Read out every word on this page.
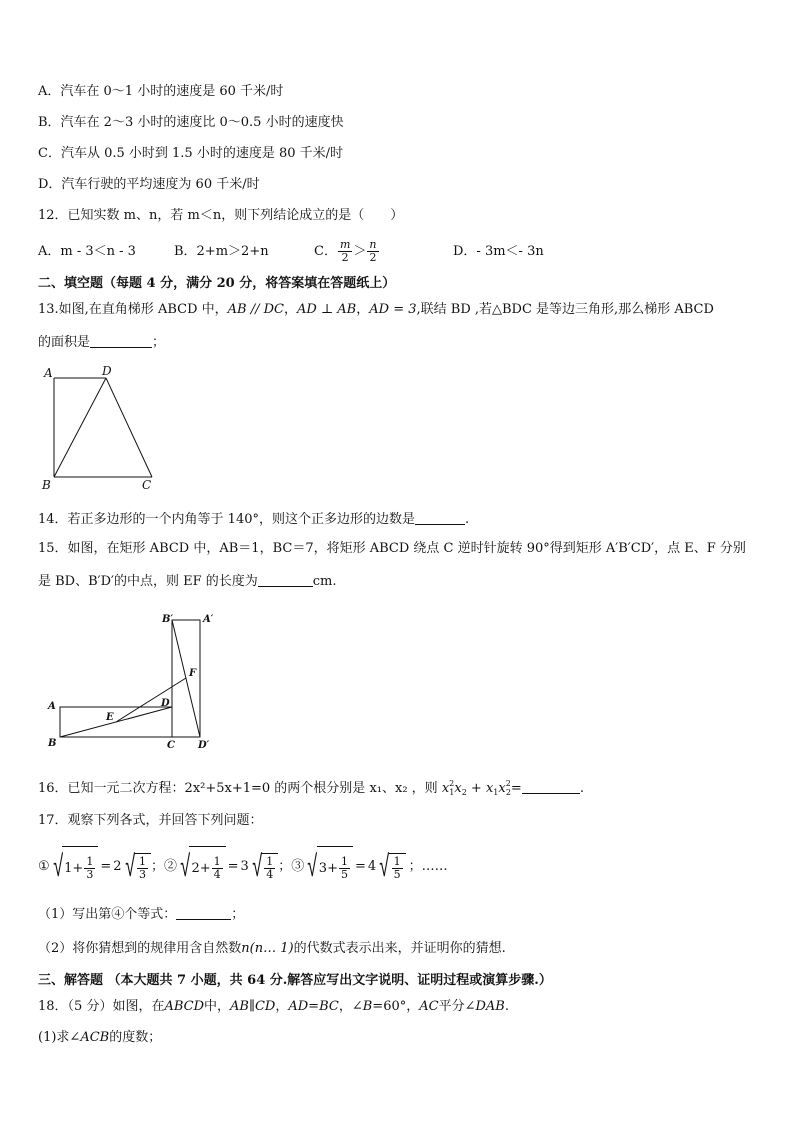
A．汽车在 0～1 小时的速度是 60 千米/时
B．汽车在 2～3 小时的速度比 0～0.5 小时的速度快
C．汽车从 0.5 小时到 1.5 小时的速度是 80 千米/时
D．汽车行驶的平均速度为 60 千米/时
12．已知实数 m、n，若 m＜n，则下列结论成立的是（　　）
A．m - 3＜n - 3	B．2+m＞2+n	C． $\frac{m}{2} > \frac{n}{2}$	D．- 3m＜- 3n
二、填空题（每题 4 分，满分 20 分，将答案填在答题纸上）
13.如图,在直角梯形 ABCD 中，AB // DC，AD ⊥ AB，AD = 3,联结 BD ,若△BDC 是等边三角形,那么梯形 ABCD
的面积是	；
A	D
B	C
14．若正多边形的一个内角等于 140°，则这个正多边形的边数是	.
15．如图，在矩形 ABCD 中，AB＝1，BC＝7，将矩形 ABCD 绕点 C 逆时针旋转 90°得到矩形 A′B′CD′，点 E、F 分别
是 BD、B′D′的中点，则 EF 的长度为	cm.
B′	A′
F
A
E
D
B	C D′
16．已知一元二次方程：2x²+5x+1=0 的两个根分别是 x₁、x₂ ，则 $x^2_1x_2 + x_1x^2_2=$	.
17．观察下列各式，并回答下列问题：
① √ $1 + \frac{1}{3} = 2$ √ $\frac{1}{3}$ ；② √ $2 + \frac{1}{4} = 3$ √ $\frac{1}{4}$ ；③ √ $3 + \frac{1}{5} = 4$ √ $\frac{1}{5}$ ；……
（1）写出第④个等式：	；
（2）将你猜想到的规律用含自然数n(n… 1)的代数式表示出来，并证明你的猜想.
三、解答题 （本大题共 7 小题，共 64 分.解答应写出文字说明、证明过程或演算步骤.）
18．（5 分）如图，在ABCD中，AB∥CD，AD=BC，∠B=60°，AC平分∠DAB.
(1)求∠ACB的度数；
